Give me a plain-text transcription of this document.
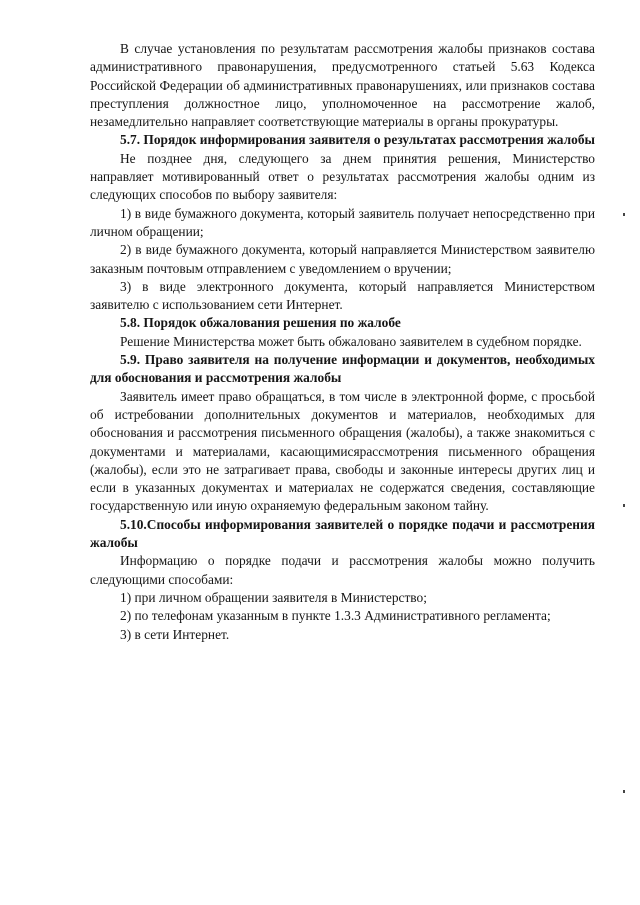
В случае установления по результатам рассмотрения жалобы признаков состава административного правонарушения, предусмотренного статьей 5.63 Кодекса Российской Федерации об административных правонарушениях, или признаков состава преступления должностное лицо, уполномоченное на рассмотрение жалоб, незамедлительно направляет соответствующие материалы в органы прокуратуры.

5.7. Порядок информирования заявителя о результатах рассмотрения жалобы

Не позднее дня, следующего за днем принятия решения, Министерство направляет мотивированный ответ о результатах рассмотрения жалобы одним из следующих способов по выбору заявителя:

1) в виде бумажного документа, который заявитель получает непосредственно при личном обращении;

2) в виде бумажного документа, который направляется Министерством заявителю заказным почтовым отправлением с уведомлением о вручении;

3) в виде электронного документа, который направляется Министерством заявителю с использованием сети Интернет.

5.8. Порядок обжалования решения по жалобе

Решение Министерства может быть обжаловано заявителем в судебном порядке.

5.9. Право заявителя на получение информации и документов, необходимых для обоснования и рассмотрения жалобы

Заявитель имеет право обращаться, в том числе в электронной форме, с просьбой об истребовании дополнительных документов и материалов, необходимых для обоснования и рассмотрения письменного обращения (жалобы), а также знакомиться с документами и материалами, касающимисярассмотрения письменного обращения (жалобы), если это не затрагивает права, свободы и законные интересы других лиц и если в указанных документах и материалах не содержатся сведения, составляющие государственную или иную охраняемую федеральным законом тайну.

5.10.Способы информирования заявителей о порядке подачи и рассмотрения жалобы

Информацию о порядке подачи и рассмотрения жалобы можно получить следующими способами:

1) при личном обращении заявителя в Министерство;

2) по телефонам указанным в пункте 1.3.3 Административного регламента;

3) в сети Интернет.
